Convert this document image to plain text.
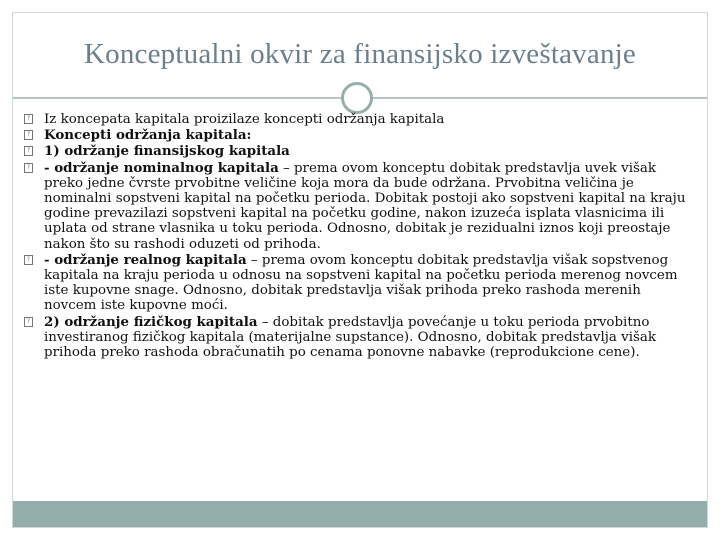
Konceptualni okvir za finansijsko izveštavanje
? Iz koncepata kapitala proizilaze koncepti održanja kapitala
? Koncepti održanja kapitala:
? 1) održanje finansijskog kapitala
? - održanje nominalnog kapitala – prema ovom konceptu dobitak predstavlja uvek višak preko jedne čvrste prvobitne veličine koja mora da bude održana. Prvobitna veličina je nominalni sopstveni kapital na početku perioda. Dobitak postoji ako sopstveni kapital na kraju godine prevazilazi sopstveni kapital na početku godine, nakon izuzeća isplata vlasnicima ili uplata od strane vlasnika u toku perioda. Odnosno, dobitak je rezidualni iznos koji preostaje nakon što su rashodi oduzeti od prihoda.
? - održanje realnog kapitala – prema ovom konceptu dobitak predstavlja višak sopstvenog kapitala na kraju perioda u odnosu na sopstveni kapital na početku perioda merenog novcem iste kupovne snage. Odnosno, dobitak predstavlja višak prihoda preko rashoda merenih novcem iste kupovne moći.
? 2) održanje fizičkog kapitala – dobitak predstavlja povećanje u toku perioda prvobitno investiranog fizičkog kapitala (materijalne supstance). Odnosno, dobitak predstavlja višak prihoda preko rashoda obračunatih po cenama ponovne nabavke (reprodukcione cene).
